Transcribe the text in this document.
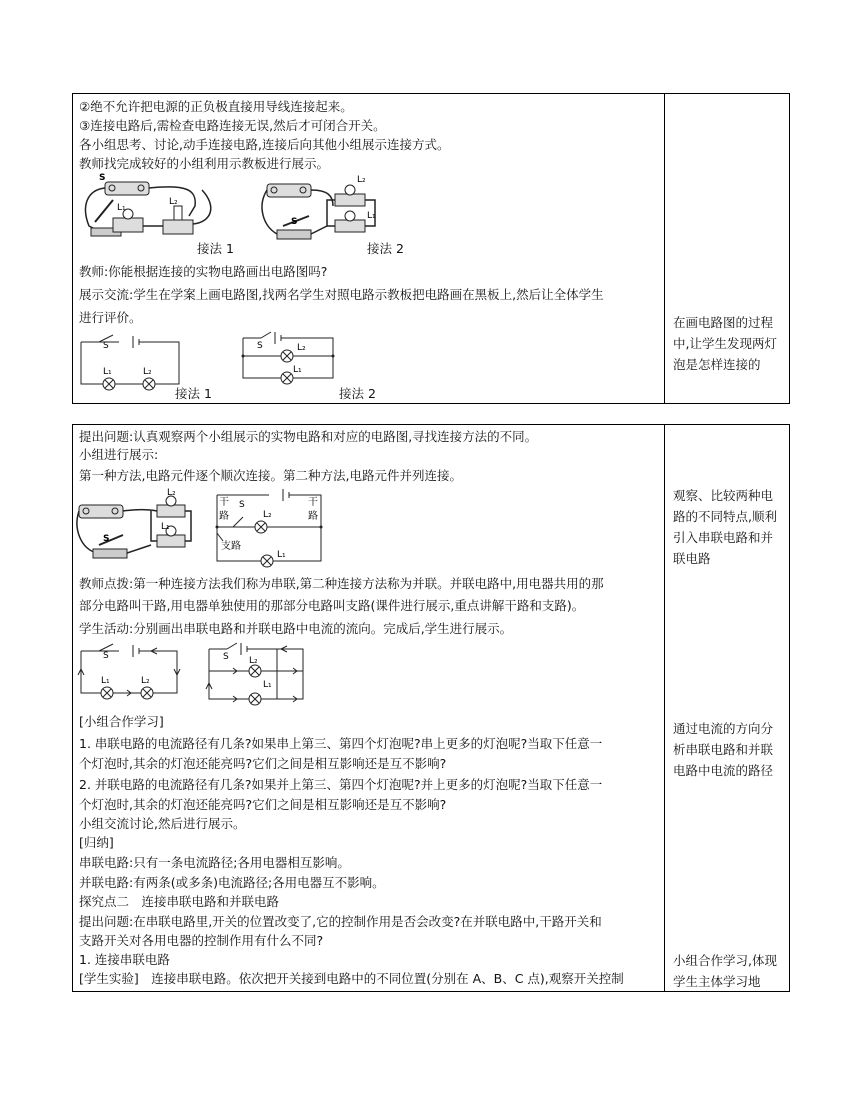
②绝不允许把电源的正负极直接用导线连接起来。
③连接电路后,需检查电路连接无误,然后才可闭合开关。
各小组思考、讨论,动手连接电路,连接后向其他小组展示连接方式。
教师找完成较好的小组利用示教板进行展示。
S
L₁
L₂
接法 1
S
L₂
L₁
接法 2
教师:你能根据连接的实物电路画出电路图吗?
展示交流:学生在学案上画电路图,找两名学生对照电路示教板把电路画在黑板上,然后让全体学生
进行评价。
S
L₁	L₂
接法 1
S	L₂
L₁
接法 2
在画电路图的过程中,让学生发现两灯泡是怎样连接的
提出问题:认真观察两个小组展示的实物电路和对应的电路图,寻找连接方法的不同。
小组进行展示:
第一种方法,电路元件逐个顺次连接。第二种方法,电路元件并列连接。
S
L₂
L₁
干
路
干
路
S
L₂
L₁
支路
教师点拨:第一种连接方法我们称为串联,第二种连接方法称为并联。并联电路中,用电器共用的那
部分电路叫干路,用电器单独使用的那部分电路叫支路(课件进行展示,重点讲解干路和支路)。
学生活动:分别画出串联电路和并联电路中电流的流向。完成后,学生进行展示。
S
L₁	L₂
S L₂
L₁
[小组合作学习]
1. 串联电路的电流路径有几条?如果串上第三、第四个灯泡呢?串上更多的灯泡呢?当取下任意一
个灯泡时,其余的灯泡还能亮吗?它们之间是相互影响还是互不影响?
2. 并联电路的电流路径有几条?如果并上第三、第四个灯泡呢?并上更多的灯泡呢?当取下任意一
个灯泡时,其余的灯泡还能亮吗?它们之间是相互影响还是互不影响?
小组交流讨论,然后进行展示。
[归纳]
串联电路:只有一条电流路径;各用电器相互影响。
并联电路:有两条(或多条)电流路径;各用电器互不影响。
探究点二　连接串联电路和并联电路
提出问题:在串联电路里,开关的位置改变了,它的控制作用是否会改变?在并联电路中,干路开关和
支路开关对各用电器的控制作用有什么不同?
1. 连接串联电路
[学生实验]　连接串联电路。依次把开关接到电路中的不同位置(分别在 A、B、C 点),观察开关控制
观察、比较两种电路的不同特点,顺利引入串联电路和并联电路
通过电流的方向分析串联电路和并联电路中电流的路径
小组合作学习,体现学生主体学习地
